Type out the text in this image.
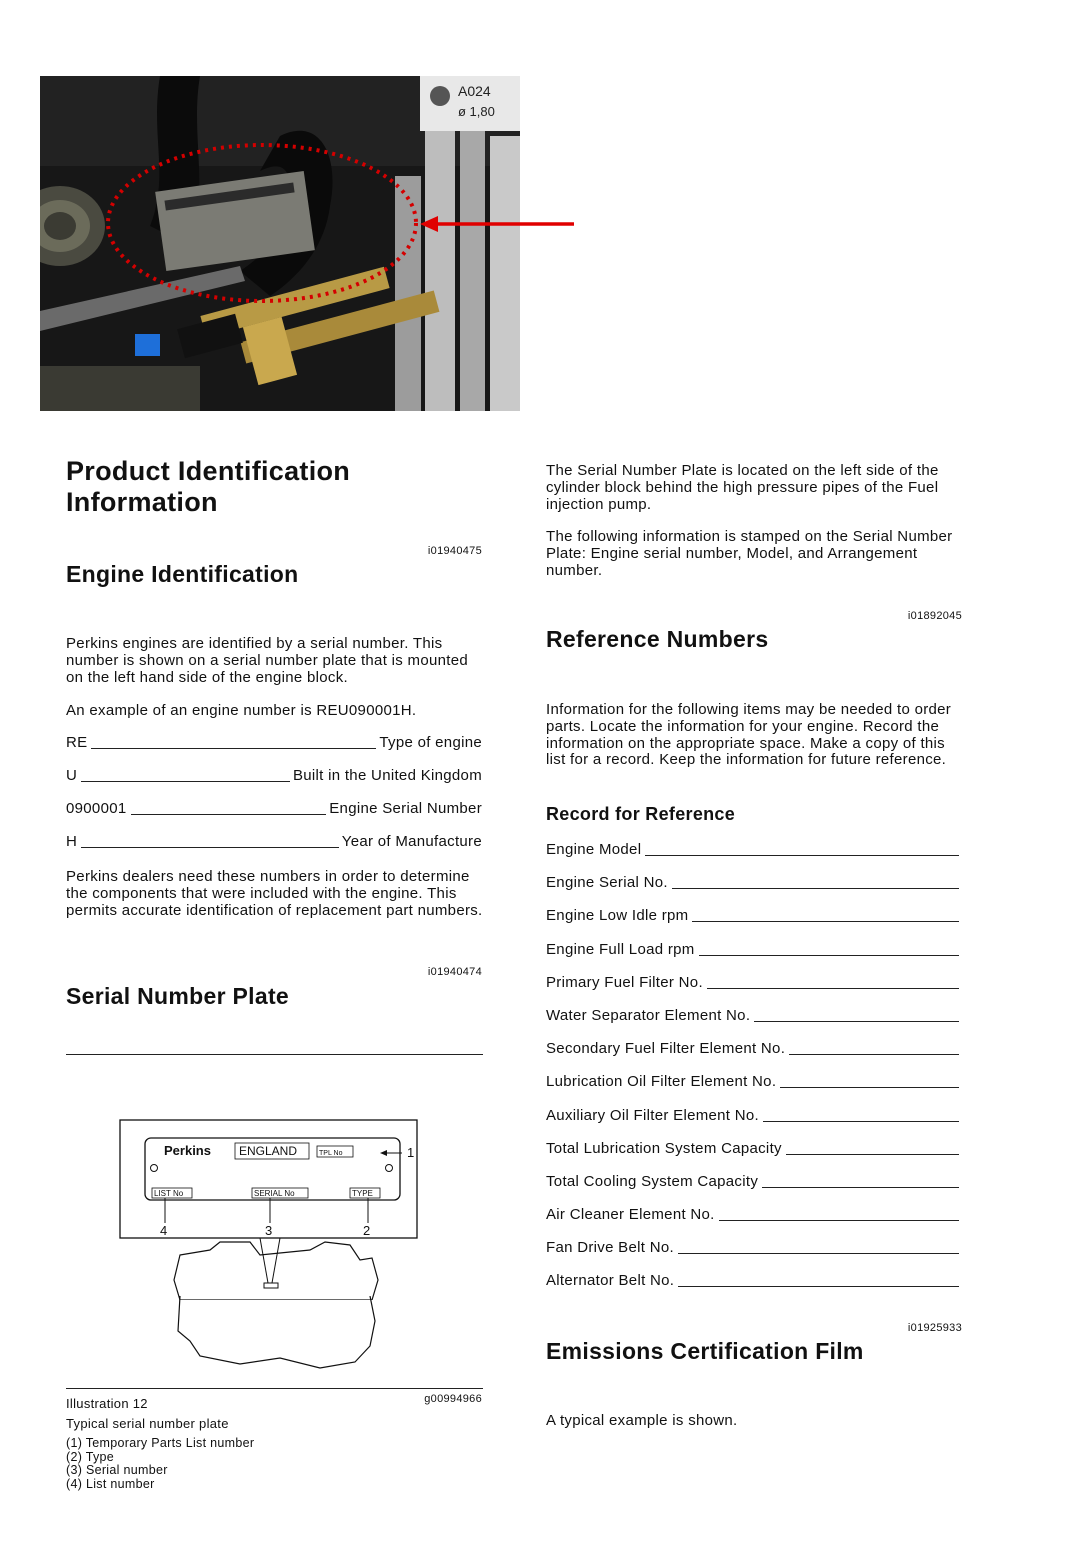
A024
ø 1,80
Product Identification
Information
i01940475
Engine Identification
Perkins engines are identified by a serial number. This number is shown on a serial number plate that is mounted on the left hand side of the engine block.
An example of an engine number is REU090001H.
RE	Type of engine
U	Built in the United Kingdom
0900001	Engine Serial Number
H	Year of Manufacture
Perkins dealers need these numbers in order to determine the components that were included with the engine. This permits accurate identification of replacement part numbers.
i01940474
Serial Number Plate
Perkins ENGLAND	TPL No
LIST No	SERIAL No	TYPE
1
4	3	2
Illustration 12	g00994966
Typical serial number plate
(1) Temporary Parts List number
(2) Type
(3) Serial number
(4) List number
The Serial Number Plate is located on the left side of the cylinder block behind the high pressure pipes of the Fuel injection pump.
The following information is stamped on the Serial Number Plate: Engine serial number, Model, and Arrangement number.
i01892045
Reference Numbers
Information for the following items may be needed to order parts. Locate the information for your engine. Record the information on the appropriate space. Make a copy of this list for a record. Keep the information for future reference.
Record for Reference
Engine Model
Engine Serial No.
Engine Low Idle rpm
Engine Full Load rpm
Primary Fuel Filter No.
Water Separator Element No.
Secondary Fuel Filter Element No.
Lubrication Oil Filter Element No.
Auxiliary Oil Filter Element No.
Total Lubrication System Capacity
Total Cooling System Capacity
Air Cleaner Element No.
Fan Drive Belt No.
Alternator Belt No.
i01925933
Emissions Certification Film
A typical example is shown.
